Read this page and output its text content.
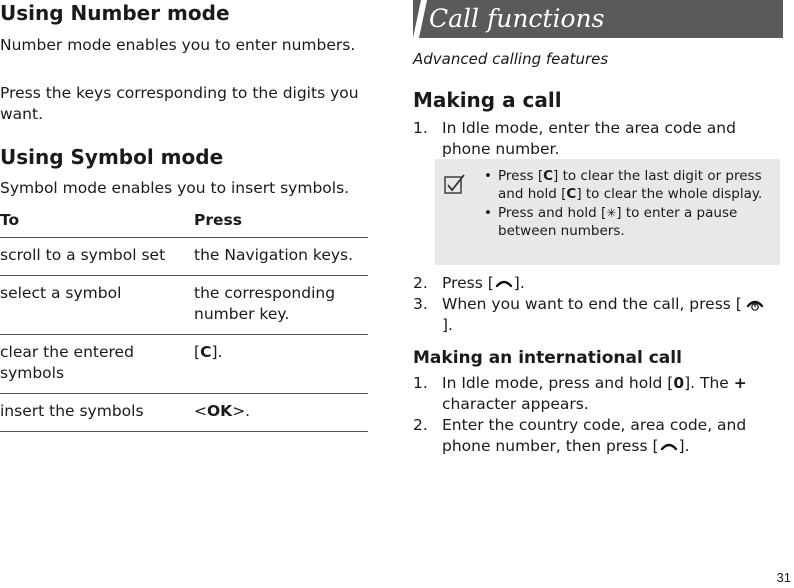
Using Number mode

Number mode enables you to enter numbers.

Press the keys corresponding to the digits you want.

Using Symbol mode

Symbol mode enables you to insert symbols.

To	Press
scroll to a symbol set	the Navigation keys.
select a symbol	the corresponding number key.
clear the entered symbols	[C].
insert the symbols	<OK>.
Call functions
Advanced calling features
Making a call
1. In Idle mode, enter the area code and phone number.
• Press [C] to clear the last digit or press and hold [C] to clear the whole display.
• Press and hold [✳] to enter a pause between numbers.
2. Press [ ].
3. When you want to end the call, press [].
Making an international call
1. In Idle mode, press and hold [0]. The + character appears.
2. Enter the country code, area code, and phone number, then press [ ].
31
